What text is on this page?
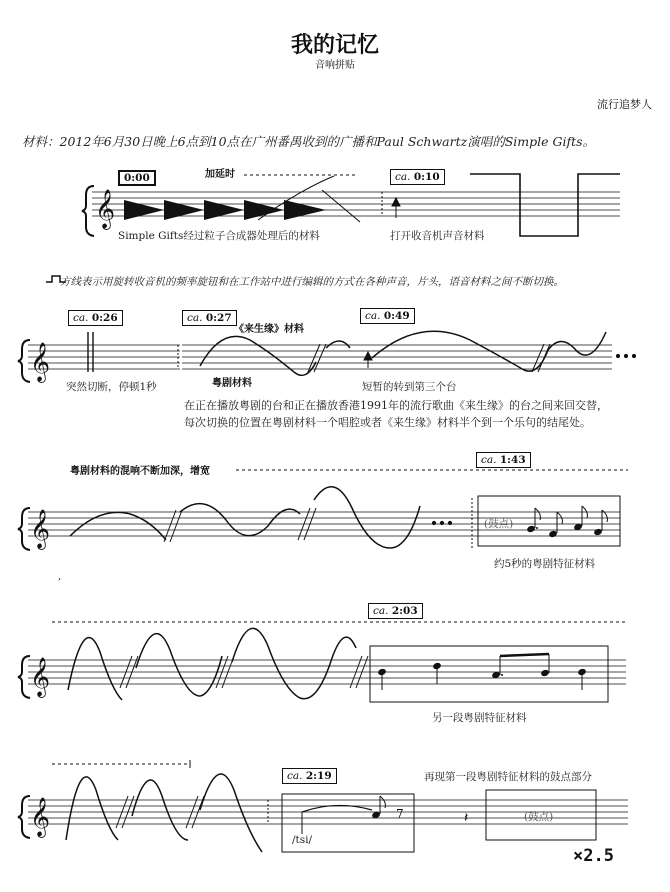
我的记忆
音响拼贴
流行追梦人
材料：2012年6月30日晚上6点到10点在广州番禺收到的广播和Paul Schwartz演唱的Simple Gifts。
𝄞
𝄞
𝄞
𝄞
𝄞	7	𝄽
0:00	加延时
Simple Gifts经过粒子合成器处理后的材料
ca. 0:10
打开收音机声音材料
方线表示用旋转收音机的频率旋钮和在工作站中进行编辑的方式在各种声音，片头，语音材料之间不断切换。
ca. 0:26	ca. 0:27	ca. 0:49
《来生缘》材料
粤剧材料
突然切断，停顿1秒	短暂的转到第三个台
在正在播放粤剧的台和正在播放香港1991年的流行歌曲《来生缘》的台之间来回交替，
每次切换的位置在粤剧材料一个唱腔或者《来生缘》材料半个到一个乐句的结尾处。
粤剧材料的混响不断加深，增宽
ca. 1:43
(鼓点)
约5秒的粤剧特征材料
,
ca. 2:03
另一段粤剧特征材料
ca. 2:19	再现第一段粤剧特征材料的鼓点部分
/tsi/
(鼓点)
×2.5
